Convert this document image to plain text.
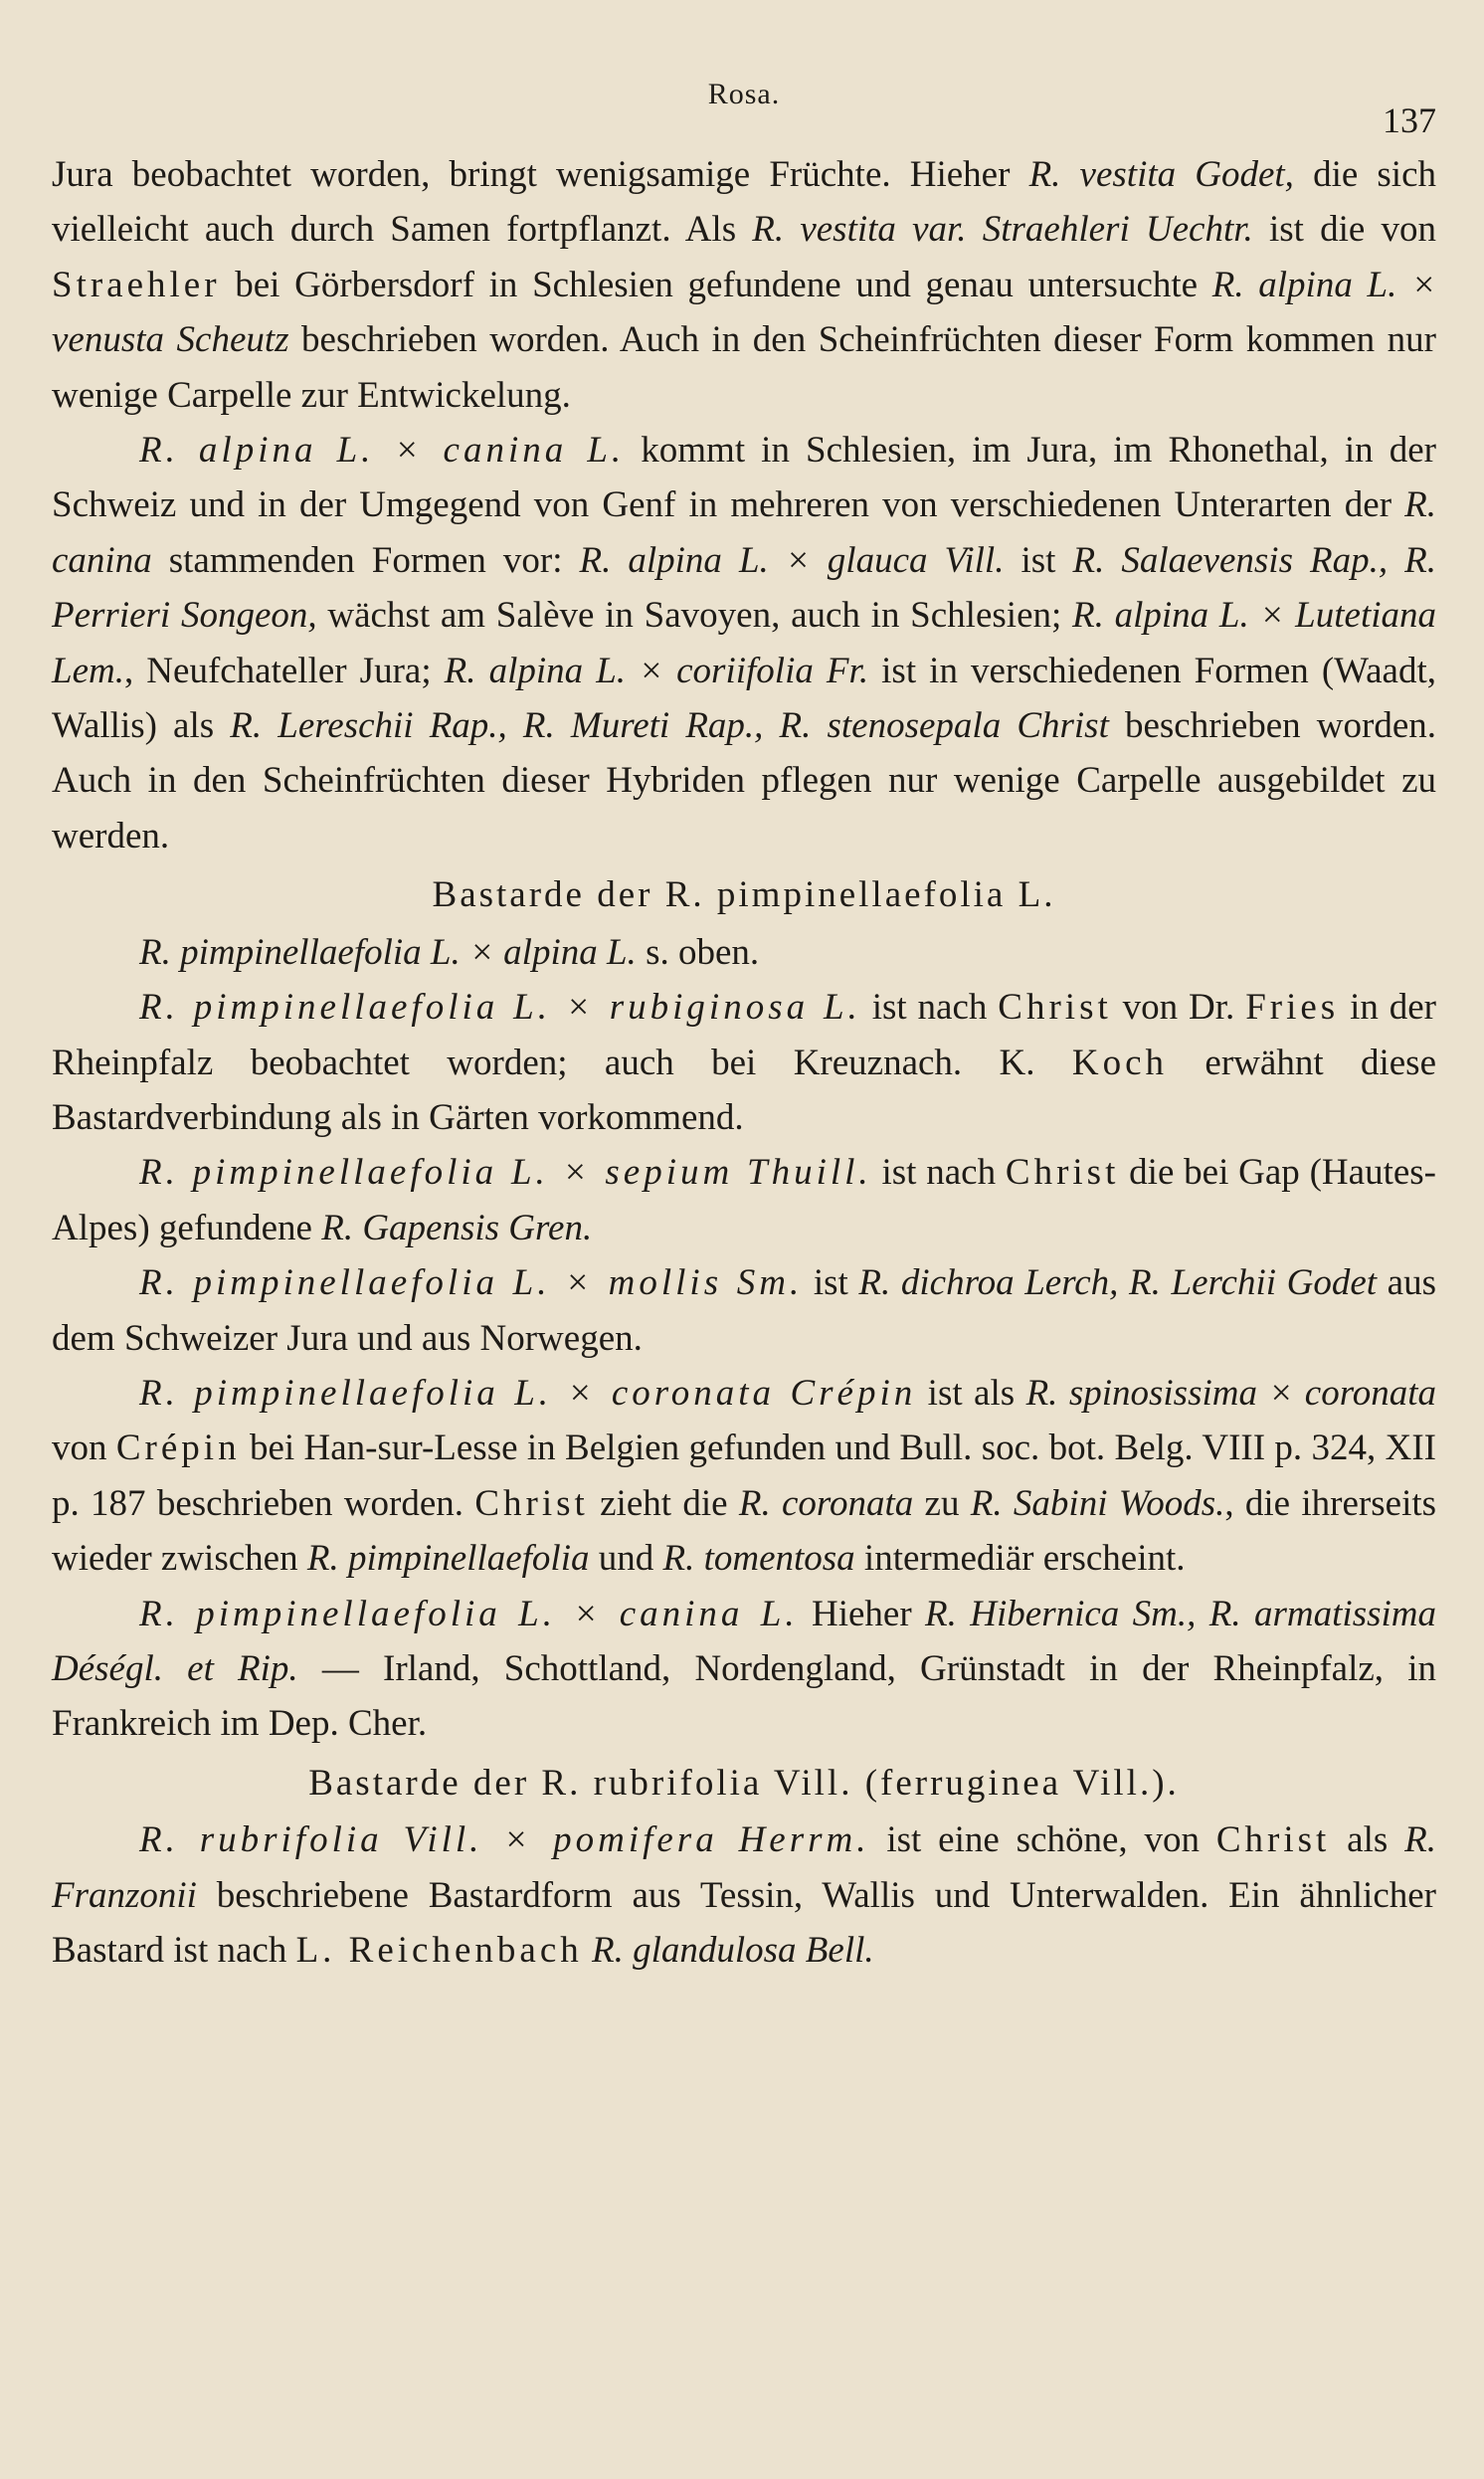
Rosa.
137

Jura beobachtet worden, bringt wenigsamige Früchte. Hieher R. vestita Godet, die sich vielleicht auch durch Samen fortpflanzt. Als R. vestita var. Straehleri Uechtr. ist die von Straehler bei Görbersdorf in Schlesien gefundene und genau untersuchte R. alpina L. × venusta Scheutz beschrieben worden. Auch in den Scheinfrüchten dieser Form kommen nur wenige Carpelle zur Entwickelung.

R. alpina L. × canina L. kommt in Schlesien, im Jura, im Rhonethal, in der Schweiz und in der Umgegend von Genf in mehreren von verschiedenen Unterarten der R. canina stammenden Formen vor: R. alpina L. × glauca Vill. ist R. Salaevensis Rap., R. Perrieri Songeon, wächst am Salève in Savoyen, auch in Schlesien; R. alpina L. × Lutetiana Lem., Neufchateller Jura; R. alpina L. × coriifolia Fr. ist in verschiedenen Formen (Waadt, Wallis) als R. Lereschii Rap., R. Mureti Rap., R. stenosepala Christ beschrieben worden. Auch in den Scheinfrüchten dieser Hybriden pflegen nur wenige Carpelle ausgebildet zu werden.

Bastarde der R. pimpinellaefolia L.

R. pimpinellaefolia L. × alpina L. s. oben.

R. pimpinellaefolia L. × rubiginosa L. ist nach Christ von Dr. Fries in der Rheinpfalz beobachtet worden; auch bei Kreuznach. K. Koch erwähnt diese Bastardverbindung als in Gärten vorkommend.

R. pimpinellaefolia L. × sepium Thuill. ist nach Christ die bei Gap (Hautes-Alpes) gefundene R. Gapensis Gren.

R. pimpinellaefolia L. × mollis Sm. ist R. dichroa Lerch, R. Lerchii Godet aus dem Schweizer Jura und aus Norwegen.

R. pimpinellaefolia L. × coronata Crépin ist als R. spinosissima × coronata von Crépin bei Han-sur-Lesse in Belgien gefunden und Bull. soc. bot. Belg. VIII p. 324, XII p. 187 beschrieben worden. Christ zieht die R. coronata zu R. Sabini Woods., die ihrerseits wieder zwischen R. pimpinellaefolia und R. tomentosa intermediär erscheint.

R. pimpinellaefolia L. × canina L. Hieher R. Hibernica Sm., R. armatissima Déségl. et Rip. — Irland, Schottland, Nordengland, Grünstadt in der Rheinpfalz, in Frankreich im Dep. Cher.

Bastarde der R. rubrifolia Vill. (ferruginea Vill.).

R. rubrifolia Vill. × pomifera Herrm. ist eine schöne, von Christ als R. Franzonii beschriebene Bastardform aus Tessin, Wallis und Unterwalden. Ein ähnlicher Bastard ist nach L. Reichenbach R. glandulosa Bell.
